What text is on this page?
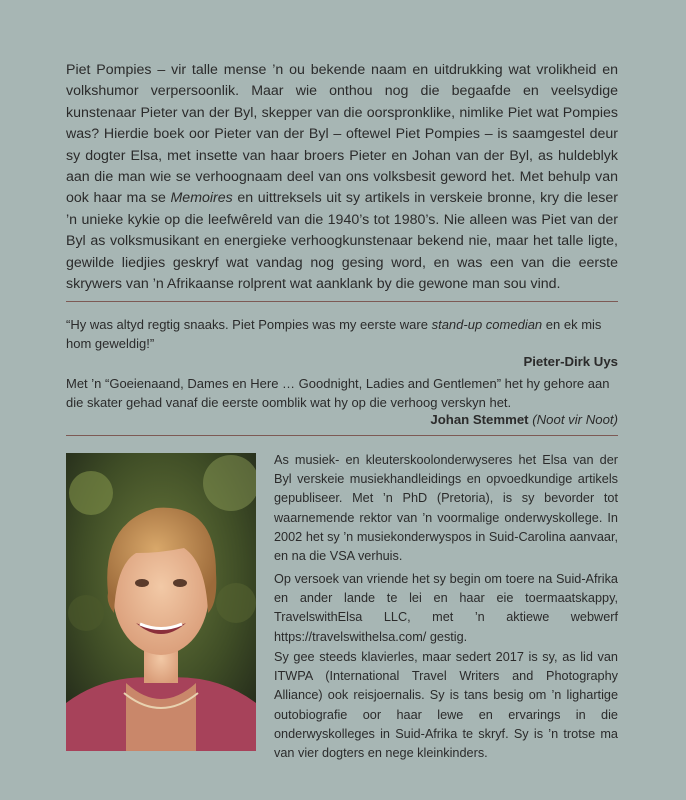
Piet Pompies – vir talle mense ’n ou bekende naam en uitdrukking wat vrolikheid en volkshumor verpersoonlik. Maar wie onthou nog die begaafde en veelsydige kunstenaar Pieter van der Byl, skepper van die oorspronklike, nimlike Piet wat Pompies was? Hierdie boek oor Pieter van der Byl – oftewel Piet Pompies – is saamgestel deur sy dogter Elsa, met insette van haar broers Pieter en Johan van der Byl, as huldeblyk aan die man wie se verhoognaam deel van ons volksbesit geword het. Met behulp van ook haar ma se Memoires en uittreksels uit sy artikels in verskeie bronne, kry die leser ’n unieke kykie op die leefwêreld van die 1940’s tot 1980’s. Nie alleen was Piet van der Byl as volksmusikant en energieke verhoogkunstenaar bekend nie, maar het talle ligte, gewilde liedjies geskryf wat vandag nog gesing word, en was een van die eerste skrywers van ’n Afrikaanse rolprent wat aanklank by die gewone man sou vind.

“Hy was altyd regtig snaaks. Piet Pompies was my eerste ware stand-up comedian en ek mis hom geweldig!”

Pieter-Dirk Uys

Met ’n “Goeienaand, Dames en Here … Goodnight, Ladies and Gentlemen” het hy gehore aan die skater gehad vanaf die eerste oomblik wat hy op die verhoog verskyn het.

Johan Stemmet (Noot vir Noot)

As musiek- en kleuterskoolonderwyseres het Elsa van der Byl verskeie musiekhandleidings en opvoedkundige artikels gepubliseer. Met ’n PhD (Pretoria), is sy bevorder tot waarnemende rektor van ’n voormalige onderwyskollege. In 2002 het sy ’n musiekonderwyspos in Suid-Carolina aanvaar, en na die VSA verhuis.

Op versoek van vriende het sy begin om toere na Suid-Afrika en ander lande te lei en haar eie toermaatskappy, TravelswithElsa LLC, met ’n aktiewe webwerf https://travelswithelsa.com/ gestig.

Sy gee steeds klavierles, maar sedert 2017 is sy, as lid van ITWPA (International Travel Writers and Photography Alliance) ook reisjoernalis. Sy is tans besig om ’n lighartige outobiografie oor haar lewe en ervarings in die onderwyskolleges in Suid-Afrika te skryf. Sy is ’n trotse ma van vier dogters en nege kleinkinders.
